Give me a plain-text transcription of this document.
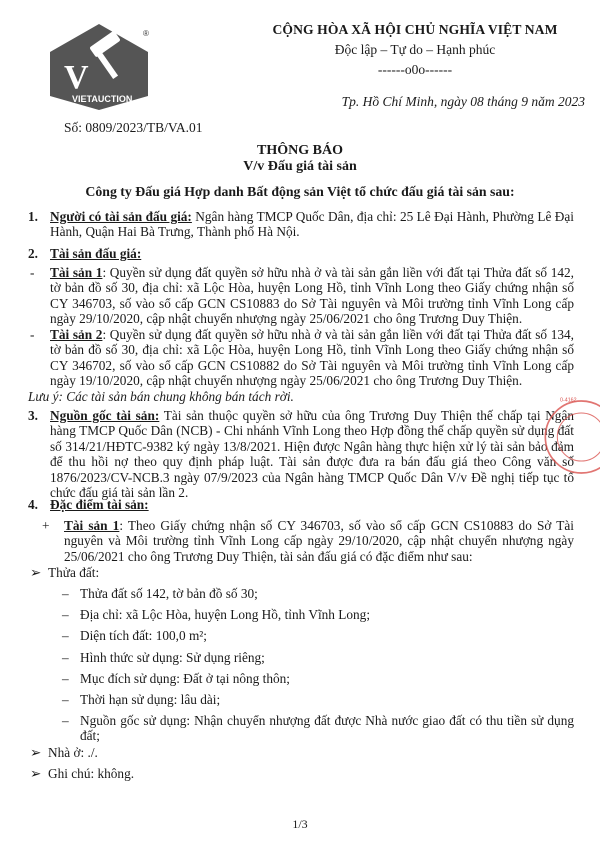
V
VIETAUCTION
®	CỘNG HÒA XÃ HỘI CHỦ NGHĨA VIỆT NAM
Độc lập – Tự do – Hạnh phúc
------o0o------
Tp. Hồ Chí Minh, ngày 08 tháng 9 năm 2023
Số: 0809/2023/TB/VA.01
THÔNG BÁO
V/v Đấu giá tài sản
Công ty Đấu giá Hợp danh Bất động sản Việt tổ chức đấu giá tài sản sau:

1. Người có tài sản đấu giá: Ngân hàng TMCP Quốc Dân, địa chỉ: 25 Lê Đại Hành, Phường Lê Đại Hành, Quận Hai Bà Trưng, Thành phố Hà Nội.

2. Tài sản đấu giá:

- Tài sản 1: Quyền sử dụng đất quyền sở hữu nhà ở và tài sản gắn liền với đất tại Thửa đất số 142, tờ bản đồ số 30, địa chỉ: xã Lộc Hòa, huyện Long Hồ, tỉnh Vĩnh Long theo Giấy chứng nhận số CY 346703, số vào sổ cấp GCN CS10883 do Sở Tài nguyên và Môi trường tỉnh Vĩnh Long cấp ngày 29/10/2020, cập nhật chuyển nhượng ngày 25/06/2021 cho ông Trương Duy Thiện.

- Tài sản 2: Quyền sử dụng đất quyền sở hữu nhà ở và tài sản gắn liền với đất tại Thửa đất số 134, tờ bản đồ số 30, địa chỉ: xã Lộc Hòa, huyện Long Hồ, tỉnh Vĩnh Long theo Giấy chứng nhận số CY 346702, số vào sổ cấp GCN CS10882 do Sở Tài nguyên và Môi trường tỉnh Vĩnh Long cấp ngày 19/10/2020, cập nhật chuyển nhượng ngày 25/06/2021 cho ông Trương Duy Thiện.

Lưu ý: Các tài sản bán chung không bán tách rời.

3. Nguồn gốc tài sản: Tài sản thuộc quyền sở hữu của ông Trương Duy Thiện thế chấp tại Ngân hàng TMCP Quốc Dân (NCB) - Chi nhánh Vĩnh Long theo Hợp đồng thế chấp quyền sử dụng đất số 314/21/HĐTC-9382 ký ngày 13/8/2021. Hiện được Ngân hàng thực hiện xử lý tài sản bảo đảm để thu hồi nợ theo quy định pháp luật. Tài sản được đưa ra bán đấu giá theo Công văn số 1876/2023/CV-NCB.3 ngày 07/9/2023 của Ngân hàng TMCP Quốc Dân V/v Đề nghị tiếp tục tổ chức đấu giá tài sản lần 2.

4. Đặc điểm tài sản:

+ Tài sản 1: Theo Giấy chứng nhận số CY 346703, số vào sổ cấp GCN CS10883 do Sở Tài nguyên và Môi trường tỉnh Vĩnh Long cấp ngày 29/10/2020, cập nhật chuyển nhượng ngày 25/06/2021 cho ông Trương Duy Thiện, tài sản đấu giá có đặc điểm như sau:

➢ Thửa đất:

– Thửa đất số 142, tờ bản đồ số 30;

– Địa chỉ: xã Lộc Hòa, huyện Long Hồ, tỉnh Vĩnh Long;

– Diện tích đất: 100,0 m²;

– Hình thức sử dụng: Sử dụng riêng;

– Mục đích sử dụng: Đất ở tại nông thôn;

– Thời hạn sử dụng: lâu dài;

– Nguồn gốc sử dụng: Nhận chuyển nhượng đất được Nhà nước giao đất có thu tiền sử dụng đất;

➢ Nhà ở: ./.

➢ Ghi chú: không.

0-4162
1/3
